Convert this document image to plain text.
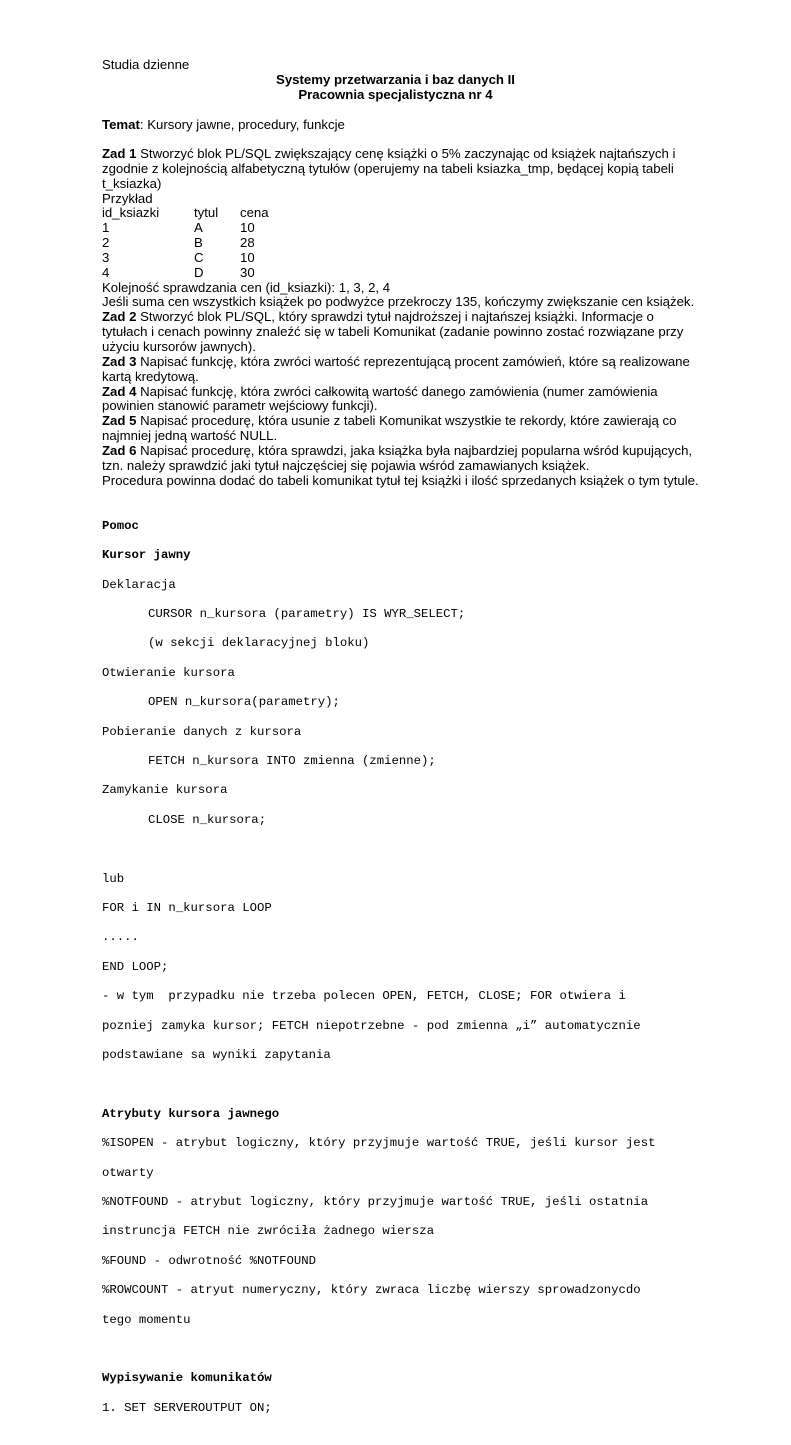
Studia dzienne
Systemy przetwarzania i baz danych II
Pracownia specjalistyczna nr 4
Temat: Kursory jawne, procedury, funkcje

Zad 1 Stworzyć blok PL/SQL zwiększający cenę książki o 5% zaczynając od książek najtańszych i

zgodnie z kolejnością alfabetyczną tytułów (operujemy na tabeli ksiazka_tmp, będącej kopią tabeli

t_ksiazka)

Przykład

id_ksiazki	tytul	cena
1	A	10
2	B	28
3	C	10
4	D	30

Kolejność sprawdzania cen (id_ksiazki): 1, 3, 2, 4

Jeśli suma cen wszystkich książek po podwyżce przekroczy 135, kończymy zwiększanie cen książek.

Zad 2 Stworzyć blok PL/SQL, który sprawdzi tytuł najdroższej i najtańszej książki. Informacje o

tytułach i cenach powinny znaleźć się w tabeli Komunikat (zadanie powinno zostać rozwiązane przy

użyciu kursorów jawnych).

Zad 3 Napisać funkcję, która zwróci wartość reprezentującą procent zamówień, które są realizowane

kartą kredytową.

Zad 4 Napisać funkcję, która zwróci całkowitą wartość danego zamówienia (numer zamówienia

powinien stanowić parametr wejściowy funkcji).

Zad 5 Napisać procedurę, która usunie z tabeli Komunikat wszystkie te rekordy, które zawierają co

najmniej jedną wartość NULL.

Zad 6 Napisać procedurę, która sprawdzi, jaka książka była najbardziej popularna wśród kupujących,

tzn. należy sprawdzić jaki tytuł najczęściej się pojawia wśród zamawianych książek.

Procedura powinna dodać do tabeli komunikat tytuł tej książki i ilość sprzedanych książek o tym tytule.

Pomoc

Kursor jawny

Deklaracja

CURSOR n_kursora (parametry) IS WYR_SELECT;

(w sekcji deklaracyjnej bloku)

Otwieranie kursora

OPEN n_kursora(parametry);

Pobieranie danych z kursora

FETCH n_kursora INTO zmienna (zmienne);

Zamykanie kursora

CLOSE n_kursora;

lub

FOR i IN n_kursora LOOP

.....

END LOOP;

- w tym  przypadku nie trzeba polecen OPEN, FETCH, CLOSE; FOR otwiera i

pozniej zamyka kursor; FETCH niepotrzebne - pod zmienna „i” automatycznie

podstawiane sa wyniki zapytania

Atrybuty kursora jawnego

%ISOPEN - atrybut logiczny, który przyjmuje wartość TRUE, jeśli kursor jest

otwarty

%NOTFOUND - atrybut logiczny, który przyjmuje wartość TRUE, jeśli ostatnia

instruncja FETCH nie zwróciła żadnego wiersza

%FOUND - odwrotność %NOTFOUND

%ROWCOUNT - atryut numeryczny, który zwraca liczbę wierszy sprowadzonycdo

tego momentu

Wypisywanie komunikatów

1. SET SERVEROUTPUT ON;
